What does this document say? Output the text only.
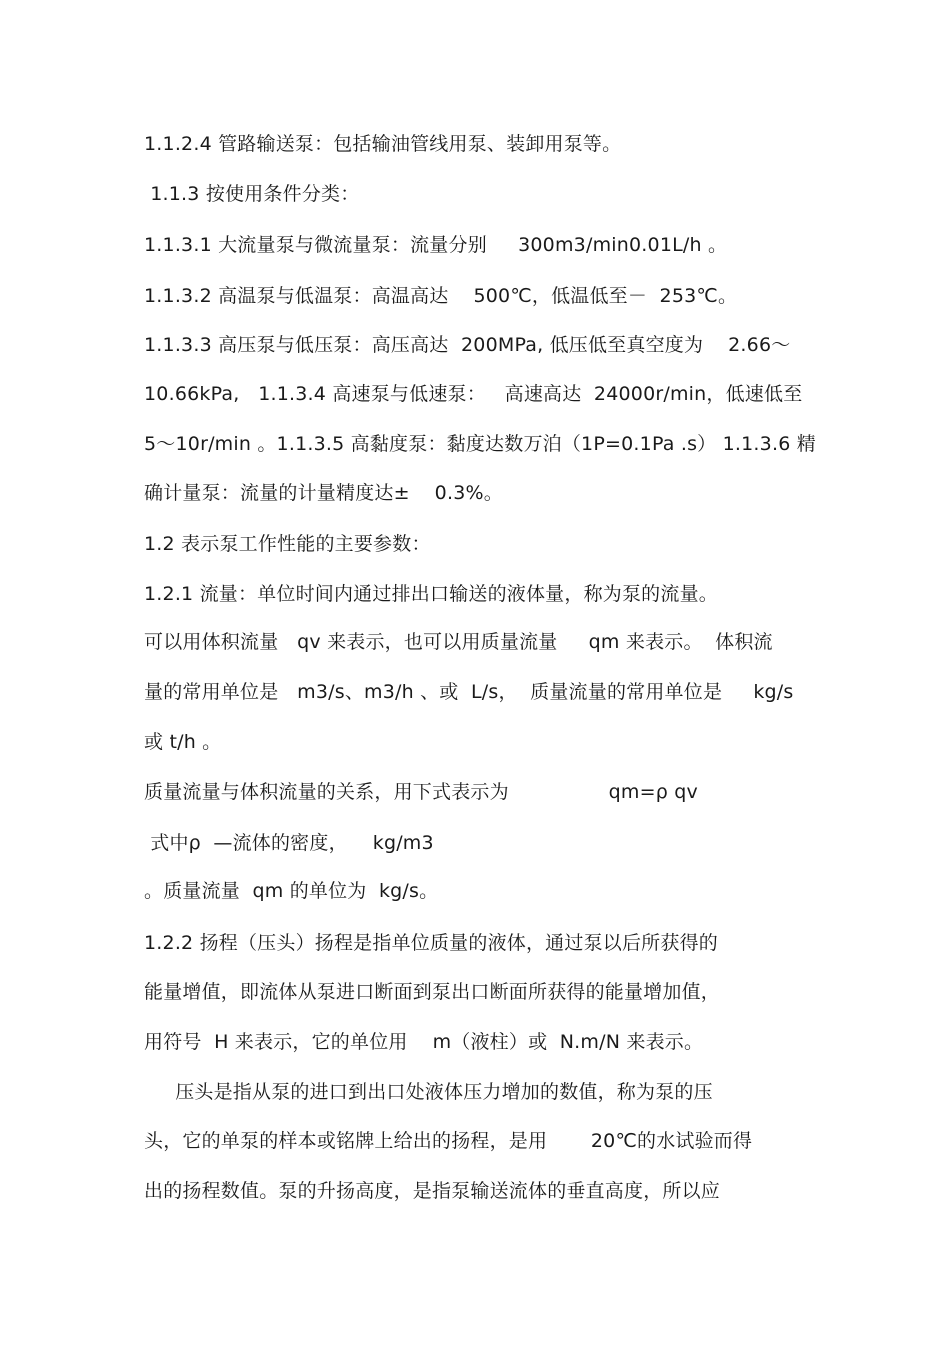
1.1.2.4 管路输送泵：包括输油管线用泵、装卸用泵等。
1.1.3 按使用条件分类：
1.1.3.1 大流量泵与微流量泵：流量分别     300m3/min0.01L/h 。
1.1.3.2 高温泵与低温泵：高温高达    500℃，低温低至－  253℃。
1.1.3.3 高压泵与低压泵：高压高达  200MPa, 低压低至真空度为    2.66～
10.66kPa,   1.1.3.4 高速泵与低速泵：   高速高达  24000r/min，低速低至
5～10r/min 。1.1.3.5 高黏度泵：黏度达数万泊（1P=0.1Pa .s） 1.1.3.6 精
确计量泵：流量的计量精度达±    0.3%。
1.2 表示泵工作性能的主要参数：
1.2.1 流量：单位时间内通过排出口输送的液体量，称为泵的流量。
可以用体积流量   qv 来表示，也可以用质量流量     qm 来表示。  体积流
量的常用单位是   m3/s、m3/h 、或  L/s，  质量流量的常用单位是     kg/s
或 t/h 。
质量流量与体积流量的关系，用下式表示为                qm=ρ qv
式中ρ  —流体的密度，    kg/m3
。质量流量  qm 的单位为  kg/s。
1.2.2 扬程（压头）扬程是指单位质量的液体，通过泵以后所获得的
能量增值，即流体从泵进口断面到泵出口断面所获得的能量增加值，
用符号  H 来表示，它的单位用    m（液柱）或  N.m/N 来表示。
压头是指从泵的进口到出口处液体压力增加的数值，称为泵的压
头，它的单泵的样本或铭牌上给出的扬程，是用       20℃的水试验而得
出的扬程数值。泵的升扬高度，是指泵输送流体的垂直高度，所以应
